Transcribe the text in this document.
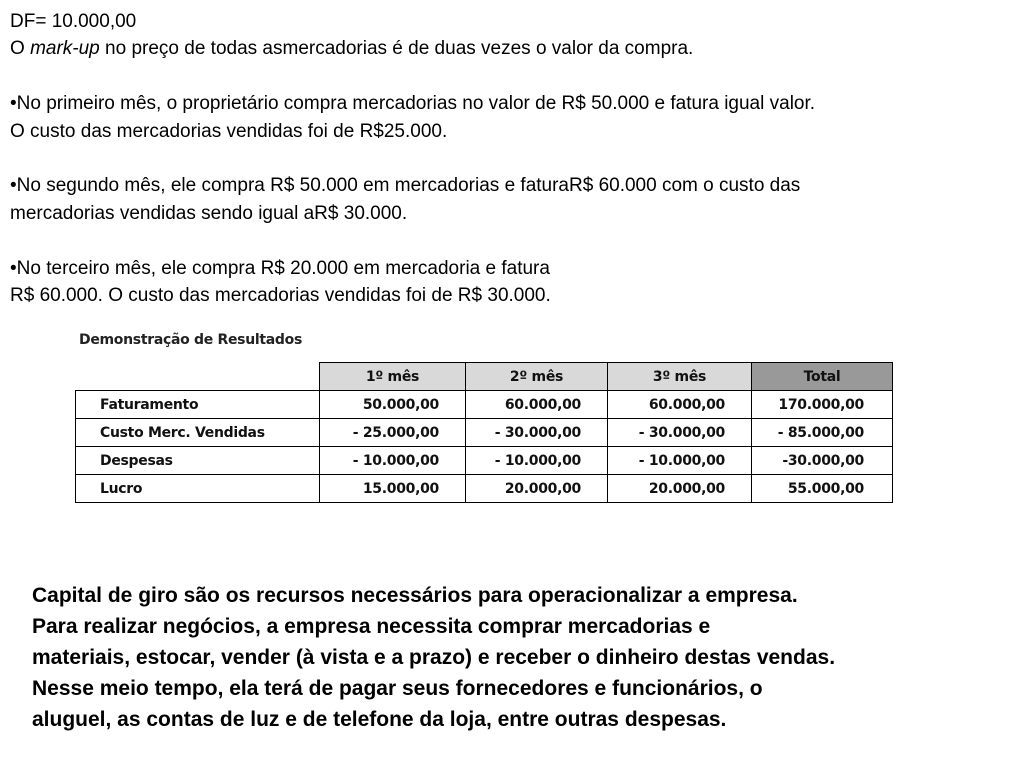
DF= 10.000,00

O mark-up no preço de todas asmercadorias é de duas vezes o valor da compra.

•No primeiro mês, o proprietário compra mercadorias no valor de R$ 50.000 e fatura igual valor.

O custo das mercadorias vendidas foi de R$25.000.

•No segundo mês, ele compra R$ 50.000 em mercadorias e faturaR$ 60.000 com o custo das

mercadorias vendidas sendo igual aR$ 30.000.

•No terceiro mês, ele compra R$ 20.000 em mercadoria e fatura

R$ 60.000. O custo das mercadorias vendidas foi de R$ 30.000.

Demonstração de Resultados
	1º mês	2º mês	3º mês	Total
Faturamento	50.000,00	60.000,00	60.000,00	170.000,00
Custo Merc. Vendidas	- 25.000,00	- 30.000,00	- 30.000,00	- 85.000,00
Despesas	- 10.000,00	- 10.000,00	- 10.000,00	-30.000,00
Lucro	15.000,00	20.000,00	20.000,00	55.000,00

Capital de giro são os recursos necessários para operacionalizar a empresa.

Para realizar negócios, a empresa necessita comprar mercadorias e

materiais, estocar, vender (à vista e a prazo) e receber o dinheiro destas vendas.

Nesse meio tempo, ela terá de pagar seus fornecedores e funcionários, o

aluguel, as contas de luz e de telefone da loja, entre outras despesas.
